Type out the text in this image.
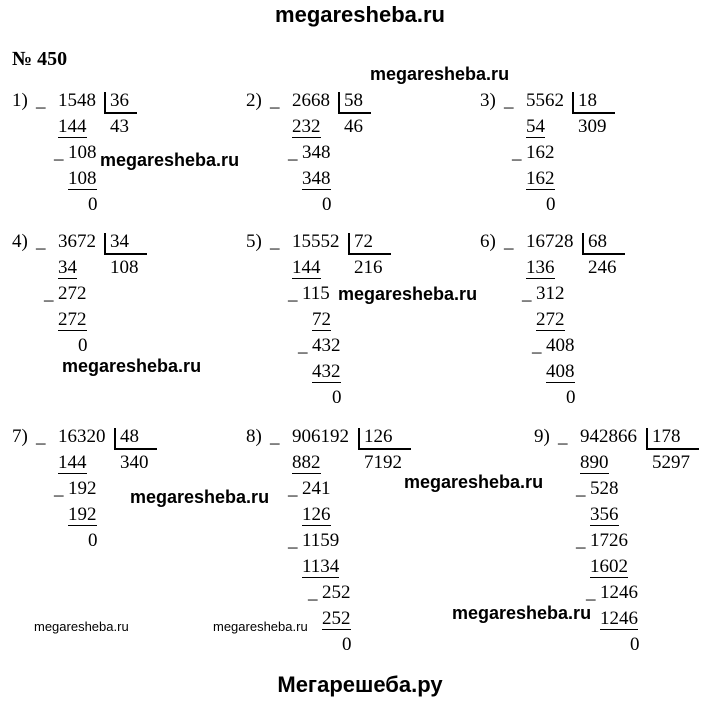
megaresheba.ru
№ 450
1) _ 1548 36
43
144
_ 108
108
0
2) _ 2668 58
46
232
_ 348
348
0
3) _ 5562 18
309
54
_ 162
162
0
4) _ 3672 34
108
34
_ 272
272
0
5) _ 15552 72
216
144
_ 115
72
_ 432
432
0
6) _ 16728 68
246
136
_ 312
272
_ 408
408
0
7) _ 16320 48
340
144
_ 192
192
0
8) _ 906192 126
7192
882
_ 241
126
_ 1159
1134
_ 252
252
0
9) _ 942866 178
5297
890
_ 528
356
_ 1726
1602
_ 1246
1246
0
megaresheba.ru
megaresheba.ru
megaresheba.ru
megaresheba.ru
megaresheba.ru
megaresheba.ru
megaresheba.ru
megaresheba.ru	megaresheba.ru
Мегарешеба.ру
